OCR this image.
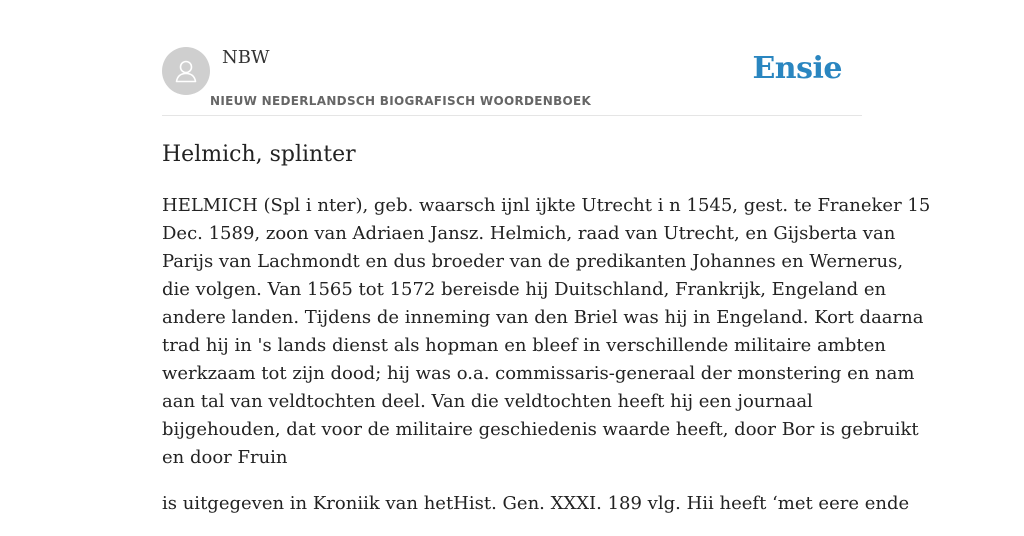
NBW
NIEUW NEDERLANDSCH BIOGRAFISCH WOORDENBOEK
Ensie
Helmich, splinter

HELMICH (Spl i nter), geb. waarsch ijnl ijkte Utrecht i n 1545, gest. te Franeker 15
Dec. 1589, zoon van Adriaen Jansz. Helmich, raad van Utrecht, en Gijsberta van
Parijs van Lachmondt en dus broeder van de predikanten Johannes en Wernerus,
die volgen. Van 1565 tot 1572 bereisde hij Duitschland, Frankrijk, Engeland en
andere landen. Tijdens de inneming van den Briel was hij in Engeland. Kort daarna
trad hij in 's lands dienst als hopman en bleef in verschillende militaire ambten
werkzaam tot zijn dood; hij was o.a. commissaris-generaal der monstering en nam
aan tal van veldtochten deel. Van die veldtochten heeft hij een journaal
bijgehouden, dat voor de militaire geschiedenis waarde heeft, door Bor is gebruikt
en door Fruin

is uitgegeven in Kroniik van hetHist. Gen. XXXI. 189 vlg. Hii heeft ‘met eere ende
